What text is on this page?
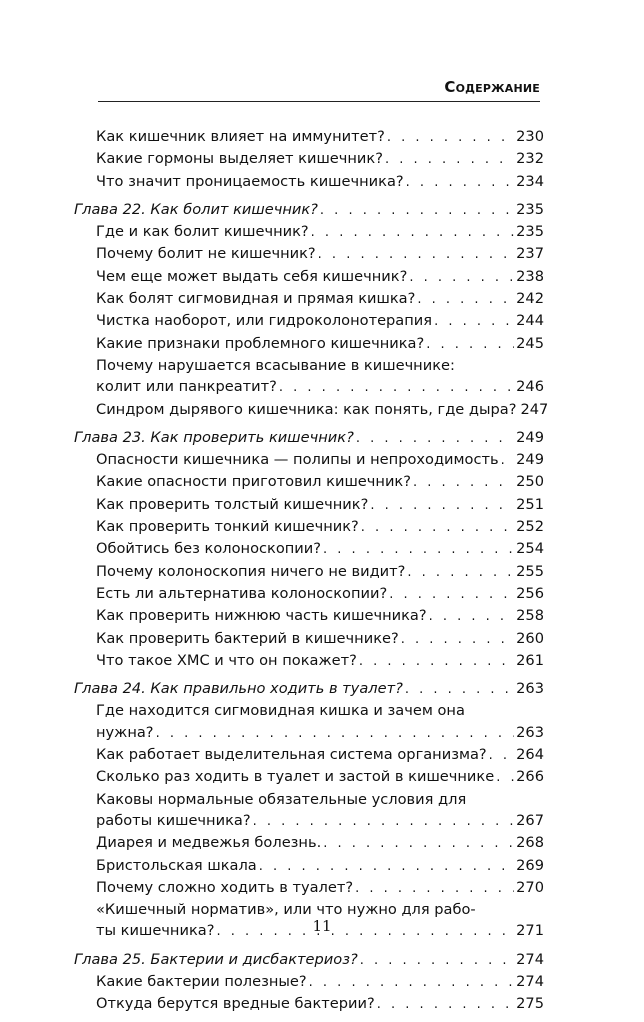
Содержание
Как кишечник влияет на иммунитет? . . .	230
Какие гормоны выделяет кишечник? . . .	232
Что значит проницаемость кишечника? . . .	234
Глава 22. Как болит кишечник? . . .	235
Где и как болит кишечник? . . .	235
Почему болит не кишечник? . . .	237
Чем еще может выдать себя кишечник? . . .	238
Как болят сигмовидная и прямая кишка? . . .	242
Чистка наоборот, или гидроколонотерапия . . .	244
Какие признаки проблемного кишечника? . . .	245
Почему нарушается всасывание в кишечнике:
колит или панкреатит? . . .	246
Синдром дырявого кишечника: как понять, где дыра? 247
Глава 23. Как проверить кишечник? . . .	249
Опасности кишечника — полипы и непроходимость . . . 249
Какие опасности приготовил кишечник? . . .	250
Как проверить толстый кишечник? . . .	251
Как проверить тонкий кишечник? . . .	252
Обойтись без колоноскопии? . . .	254
Почему колоноскопия ничего не видит? . . .	255
Есть ли альтернатива колоноскопии? . . .	256
Как проверить нижнюю часть кишечника? . . .	258
Как проверить бактерий в кишечнике? . . .	260
Что такое ХМС и что он покажет? . . .	261
Глава 24. Как правильно ходить в туалет? . . .	263
Где находится сигмовидная кишка и зачем она
нужна? . . .	263
Как работает выделительная система организма? . . . 264
Сколько раз ходить в туалет и застой в кишечнике . . . 266
Каковы нормальные обязательные условия для
работы кишечника? . . .	267
Диарея и медвежья болезнь. . . .	268
Бристольская шкала . . .	269
Почему сложно ходить в туалет? . . .	270
«Кишечный норматив», или что нужно для рабо-
ты кишечника? . . .	271
Глава 25. Бактерии и дисбактериоз? . . .	274
Какие бактерии полезные? . . .	274
Откуда берутся вредные бактерии? . . .	275
11
